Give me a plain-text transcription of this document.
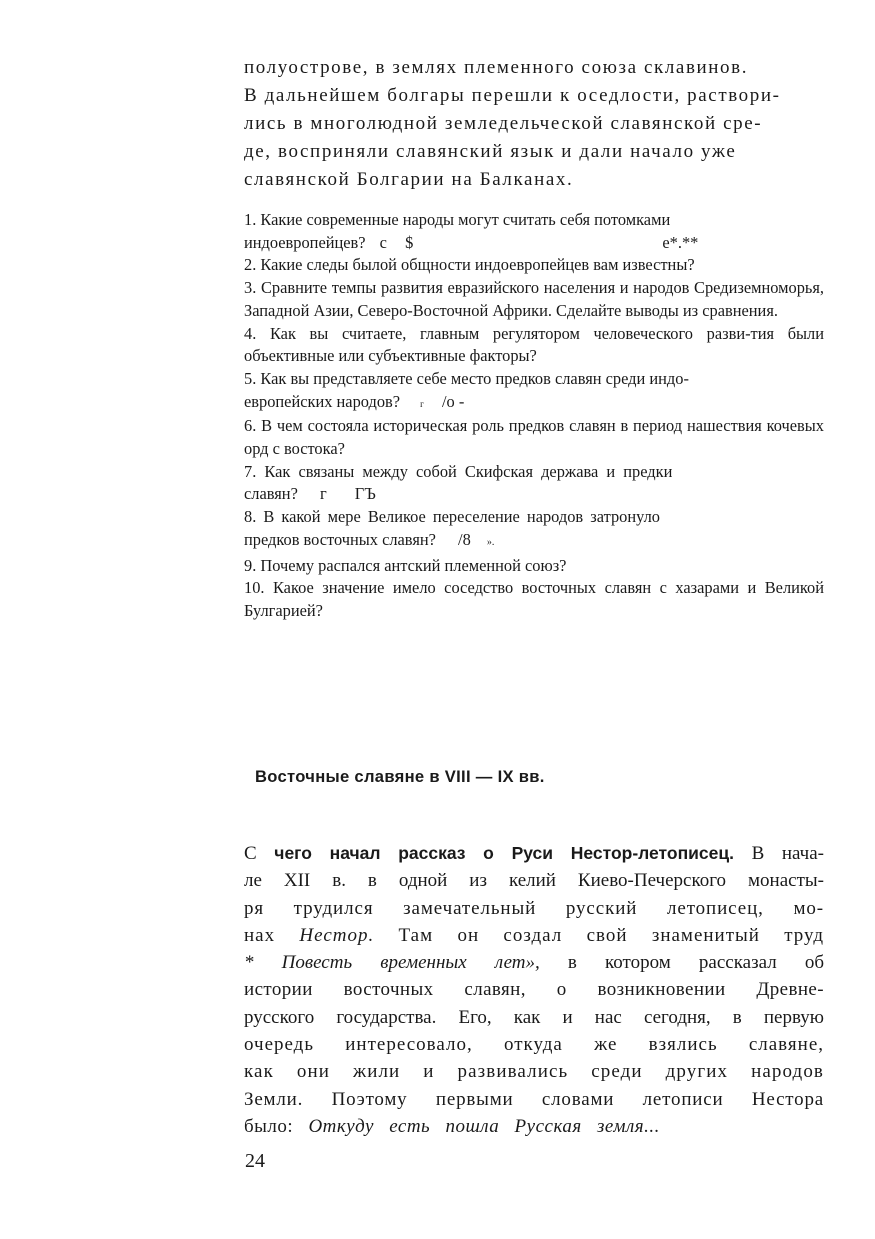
полуострове, в землях племенного союза склавинов.
В дальнейшем болгары перешли к оседлости, раствори-
лись в многолюдной земледельческой славянской сре-
де, восприняли славянский язык и дали начало уже
славянской Болгарии на Балканах.
1. Какие современные народы могут считать себя потомками
индоевропейцев? с $	е*.**
2. Какие следы былой общности индоевропейцев вам известны?
3. Сравните темпы развития евразийского населения и народов Средиземноморья, Западной Азии, Северо-Восточной Африки. Сделайте выводы из сравнения.
4. Как вы считаете, главным регулятором человеческого разви-тия были объективные или субъективные факторы?
5. Как вы представляете себе место предков славян среди индо-
европейских народов? г /о -
6. В чем состояла историческая роль предков славян в период нашествия кочевых орд с востока?
7. Как связаны между собой Скифская держава и предки
славян? г ГЪ
8. В какой мере Великое переселение народов затронуло
предков восточных славян? /8 ».
9. Почему распался антский племенной союз?
10. Какое значение имело соседство восточных славян с хазарами и Великой Булгарией?
Восточные славяне в VIII — IX вв.
С чего начал рассказ о Руси Нестор-летописец. В нача-
ле XII в. в одной из келий Киево-Печерского монасты-
ря трудился замечательный русский летописец, мо-
нах Нестор. Там он создал свой знаменитый труд
* Повесть временных лет», в котором рассказал об
истории восточных славян, о возникновении Древне-
русского государства. Его, как и нас сегодня, в первую
очередь интересовало, откуда же взялись славяне,
как они жили и развивались среди других народов
Земли. Поэтому первыми словами летописи Нестора
было: Откуду есть пошла Русская земля...
24
